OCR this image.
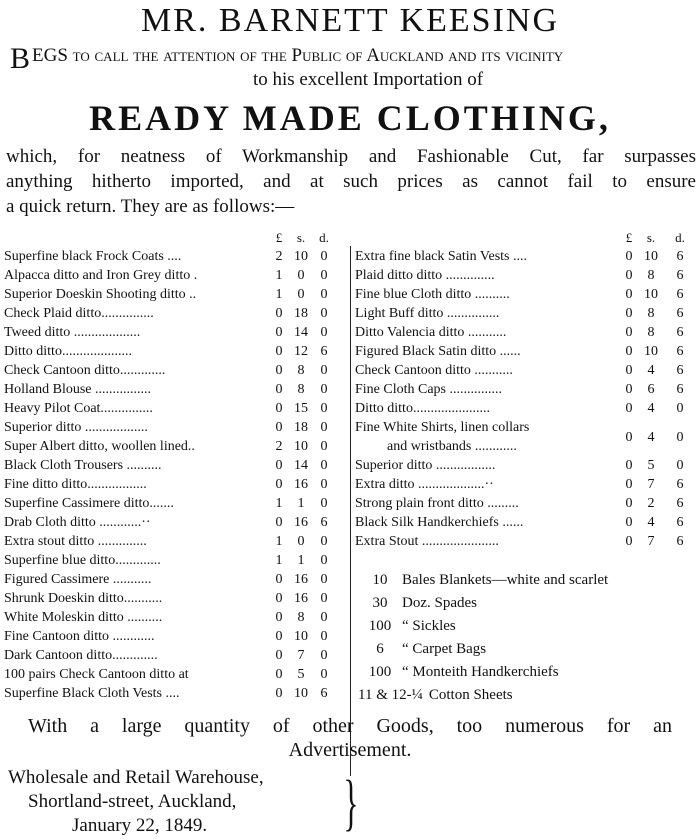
MR. BARNETT KEESING
BEGS to call the attention of the Public of Auckland and its vicinity
to his excellent Importation of
READY MADE CLOTHING,
which, for neatness of Workmanship and Fashionable Cut, far surpasses
anything hitherto imported, and at such prices as cannot fail to ensure
a quick return. They are as follows:—
	£	s.	d.

Superfine black Frock Coats ....	2	10	0

Alpacca ditto and Iron Grey ditto .	1	0	0

Superior Doeskin Shooting ditto ..	1	0	0

Check Plaid ditto...............	0	18	0

Tweed ditto ...................	0	14	0

Ditto ditto....................	0	12	6

Check Cantoon ditto.............	0	8	0

Holland Blouse ................	0	8	0

Heavy Pilot Coat...............	0	15	0

Superior ditto ..................	0	18	0

Super Albert ditto, woollen lined..	2	10	0

Black Cloth Trousers ..........	0	14	0

Fine ditto ditto.................	0	16	0

Superfine Cassimere ditto.......	1	1	0

Drab Cloth ditto ............··	0	16	6

Extra stout ditto ..............	1	0	0

Superfine blue ditto.............	1	1	0

Figured Cassimere ...........	0	16	0

Shrunk Doeskin ditto...........	0	16	0

White Moleskin ditto ..........	0	8	0

Fine Cantoon ditto ............	0	10	0

Dark Cantoon ditto.............	0	7	0

100 pairs Check Cantoon ditto at	0	5	0

Superfine Black Cloth Vests ....	0	10	6
	£	s.	d.

Extra fine black Satin Vests ....	0	10	6

Plaid ditto ditto ..............	0	8	6

Fine blue Cloth ditto ..........	0	10	6

Light Buff ditto ...............	0	8	6

Ditto Valencia ditto ...........	0	8	6

Figured Black Satin ditto ......	0	10	6

Check Cantoon ditto ...........	0	4	6

Fine Cloth Caps ...............	0	6	6

Ditto ditto......................	0	4	0

Fine White Shirts, linen collars
and wristbands ............	0	4	0

Superior ditto .................	0	5	0

Extra ditto ...................··	0	7	6

Strong plain front ditto .........	0	2	6

Black Silk Handkerchiefs ......	0	4	6

Extra Stout ......................	0	7	6
10 Bales Blankets—white and scarlet
30 Doz. Spades
100 “ Sickles
6 “ Carpet Bags
100 “ Monteith Handkerchiefs
11 & 12-¼ Cotton Sheets
With a large quantity of other Goods, too numerous for an
Advertisement.
Wholesale and Retail Warehouse,
Shortland-street, Auckland,
January 22, 1849.	}
